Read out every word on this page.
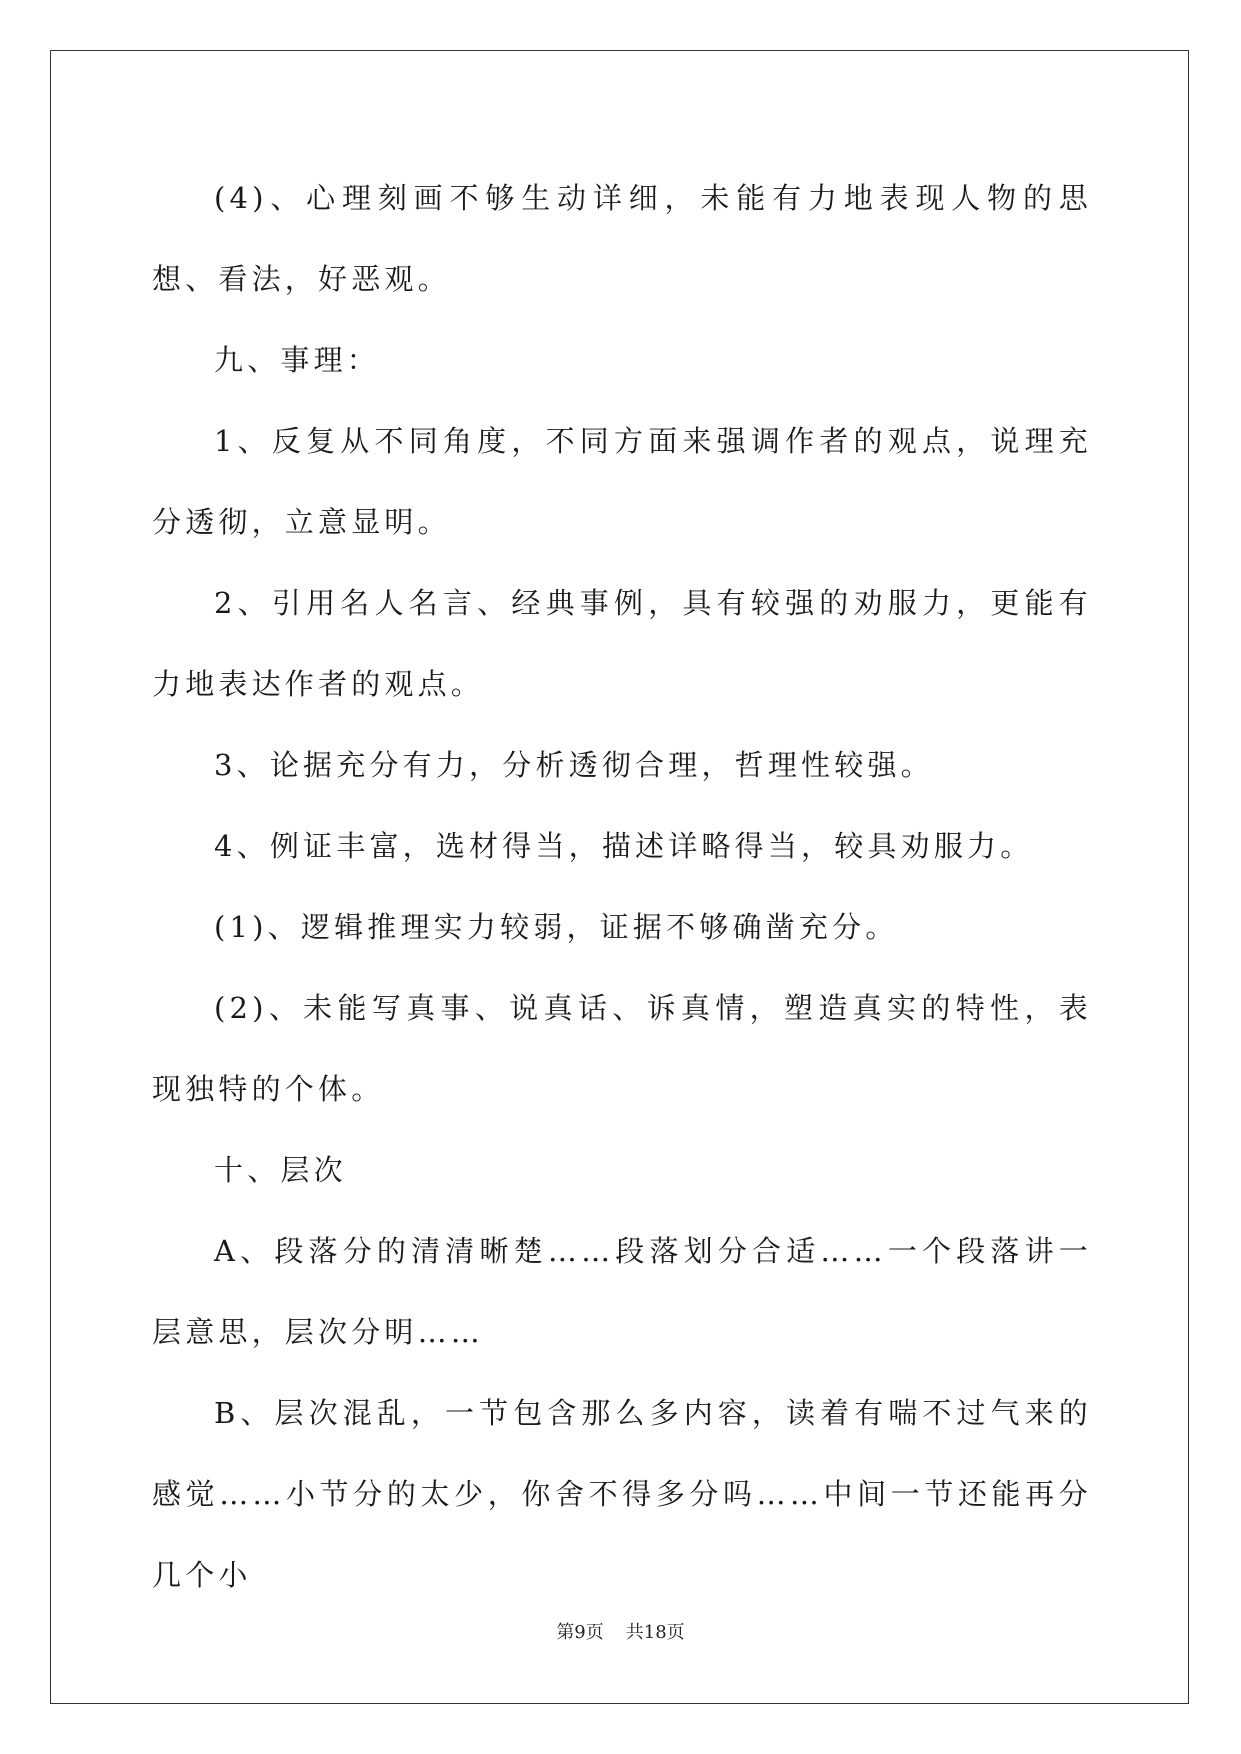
(4)、心理刻画不够生动详细，未能有力地表现人物的思想、看法，好恶观。

九、事理：

1、反复从不同角度，不同方面来强调作者的观点，说理充分透彻，立意显明。

2、引用名人名言、经典事例，具有较强的劝服力，更能有力地表达作者的观点。

3、论据充分有力，分析透彻合理，哲理性较强。

4、例证丰富，选材得当，描述详略得当，较具劝服力。

(1)、逻辑推理实力较弱，证据不够确凿充分。

(2)、未能写真事、说真话、诉真情，塑造真实的特性，表现独特的个体。

十、层次

A、段落分的清清晰楚……段落划分合适……一个段落讲一层意思，层次分明……

B、层次混乱，一节包含那么多内容，读着有喘不过气来的感觉……小节分的太少，你舍不得多分吗……中间一节还能再分几个小

第9页 共18页
